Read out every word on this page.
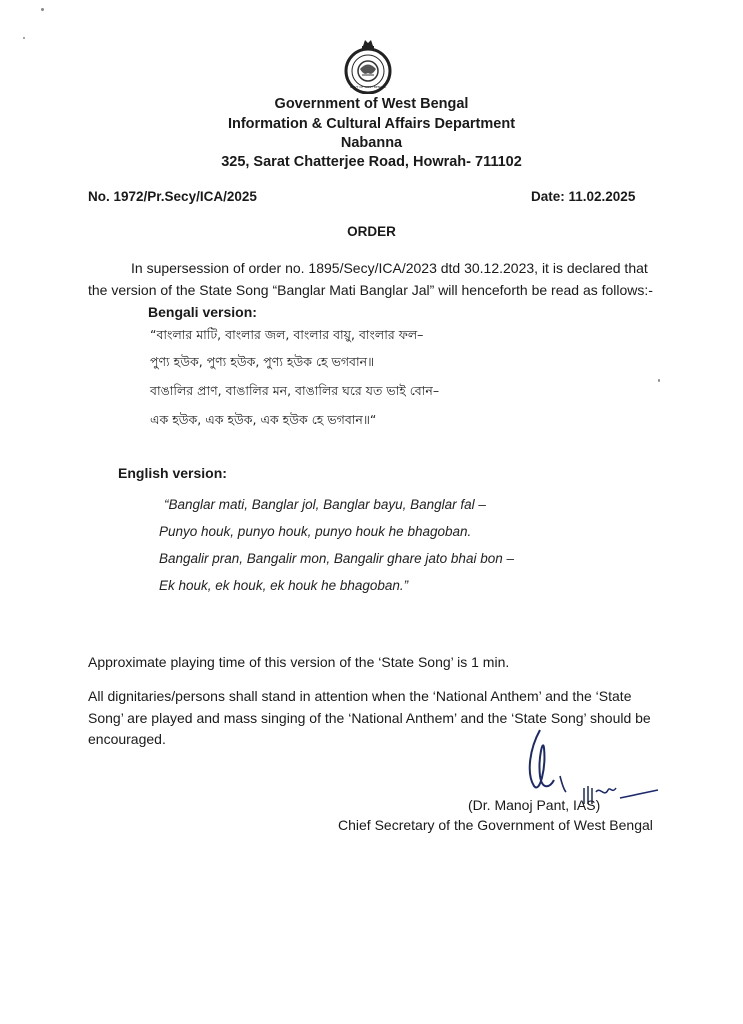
GOVT OF WEST BENGAL
Government of West Bengal
Information & Cultural Affairs Department
Nabanna
325, Sarat Chatterjee Road, Howrah- 711102
No. 1972/Pr.Secy/ICA/2025	Date: 11.02.2025
ORDER
In supersession of order no. 1895/Secy/ICA/2023 dtd 30.12.2023, it is declared that
the version of the State Song “Banglar Mati Banglar Jal” will henceforth be read as follows:-
Bengali version:
“বাংলার মাটি, বাংলার জল, বাংলার বায়ু, বাংলার ফল–
পুণ্য হউক, পুণ্য হউক, পুণ্য হউক হে ভগবান॥
বাঙালির প্রাণ, বাঙালির মন, বাঙালির ঘরে যত ভাই বোন–
এক হউক, এক হউক, এক হউক হে ভগবান॥“
English version:
“Banglar mati, Banglar jol, Banglar bayu, Banglar fal –
Punyo houk, punyo houk, punyo houk he bhagoban.
Bangalir pran, Bangalir mon, Bangalir ghare jato bhai bon –
Ek houk, ek houk, ek houk he bhagoban.”
Approximate playing time of this version of the ‘State Song’ is 1 min.
All dignitaries/persons shall stand in attention when the ‘National Anthem’ and the ‘State
Song’ are played and mass singing of the ‘National Anthem’ and the ‘State Song’ should be
encouraged.
(Dr. Manoj Pant, IAS)
Chief Secretary of the Government of West Bengal
